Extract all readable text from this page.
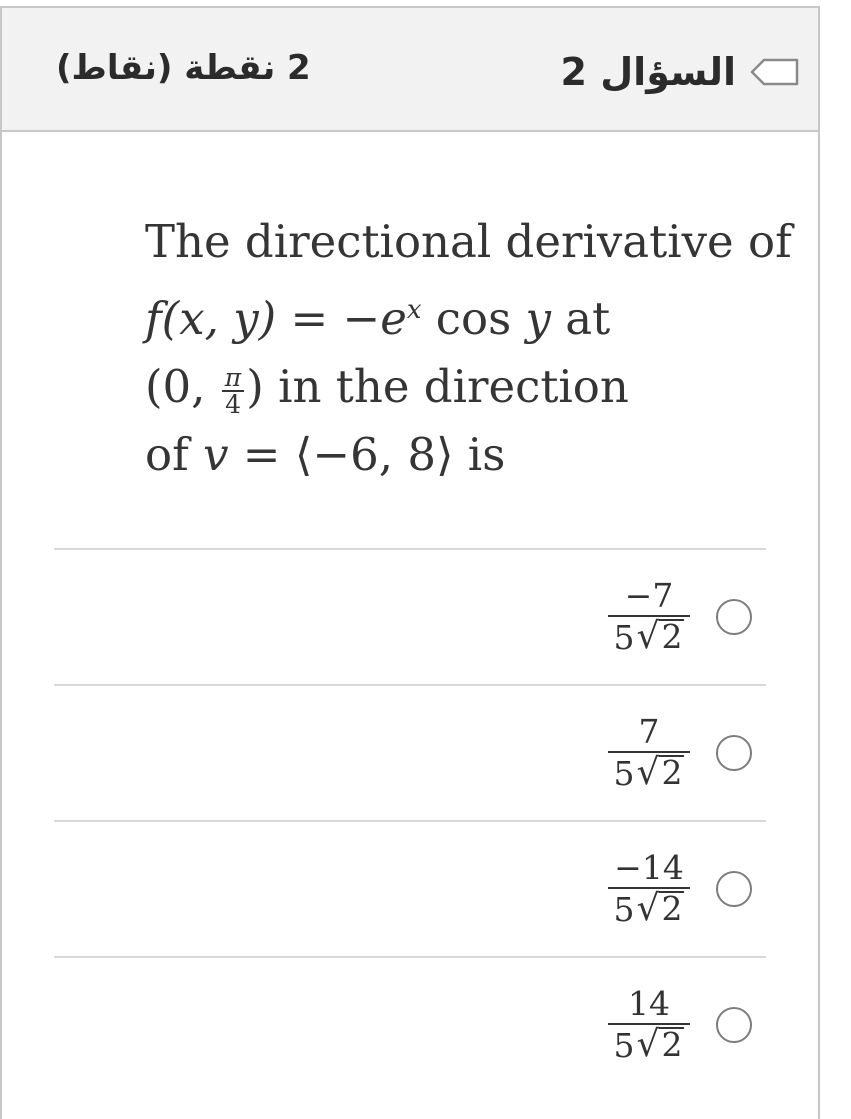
السؤال 2
2 نقطة (نقاط)
The directional derivative of
f(x, $y) = -e^x$ cos y at
(0, $\frac{\pi}{4}$ ) in the direction
of v = ⟨−6, 8⟩ is
$\frac{-7}{5 √ 2}$
$\frac{7}{5 √ 2}$
$\frac{-14}{5 √ 2}$
$\frac{14}{5 √ 2}$
